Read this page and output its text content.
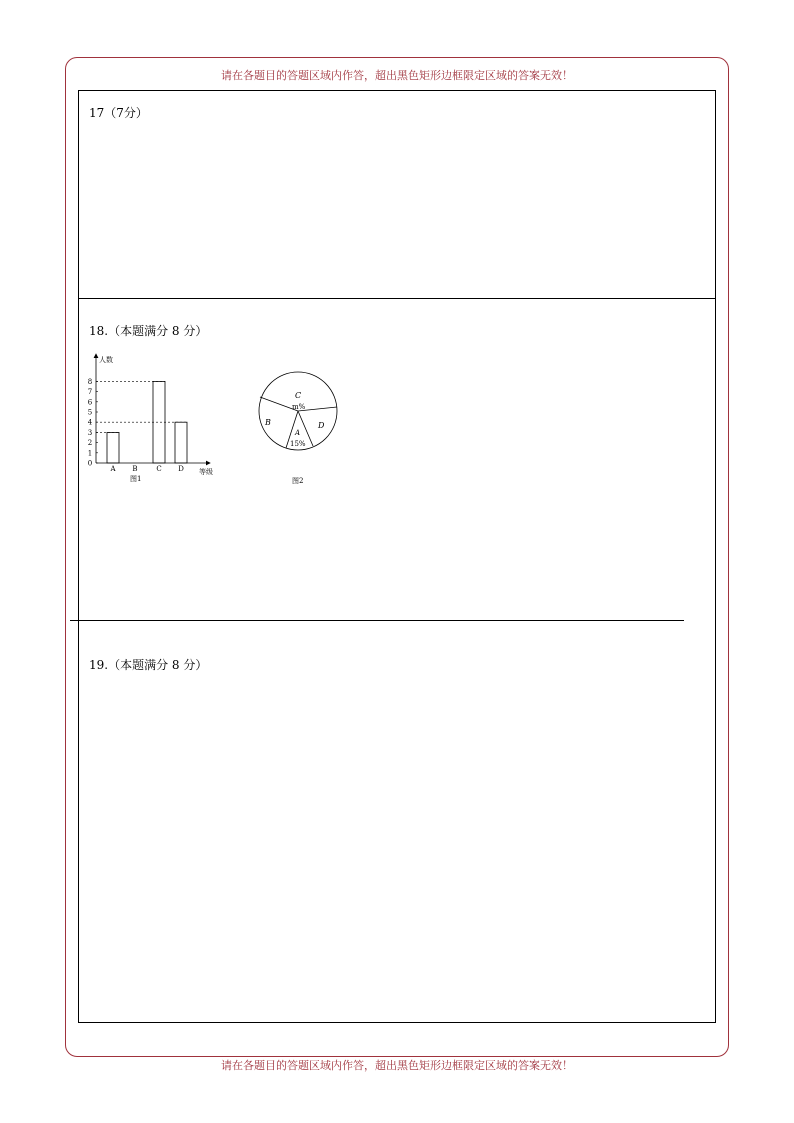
请在各题目的答题区域内作答，超出黑色矩形边框限定区域的答案无效！
请在各题目的答题区域内作答，超出黑色矩形边框限定区域的答案无效！
17（7分）
18.（本题满分 8 分）
19.（本题满分 8 分）
0
1
2
3
4
5
6
7
8
A B	C D
人数
等级
图1
C
m%
B	D
A
15%
图2
